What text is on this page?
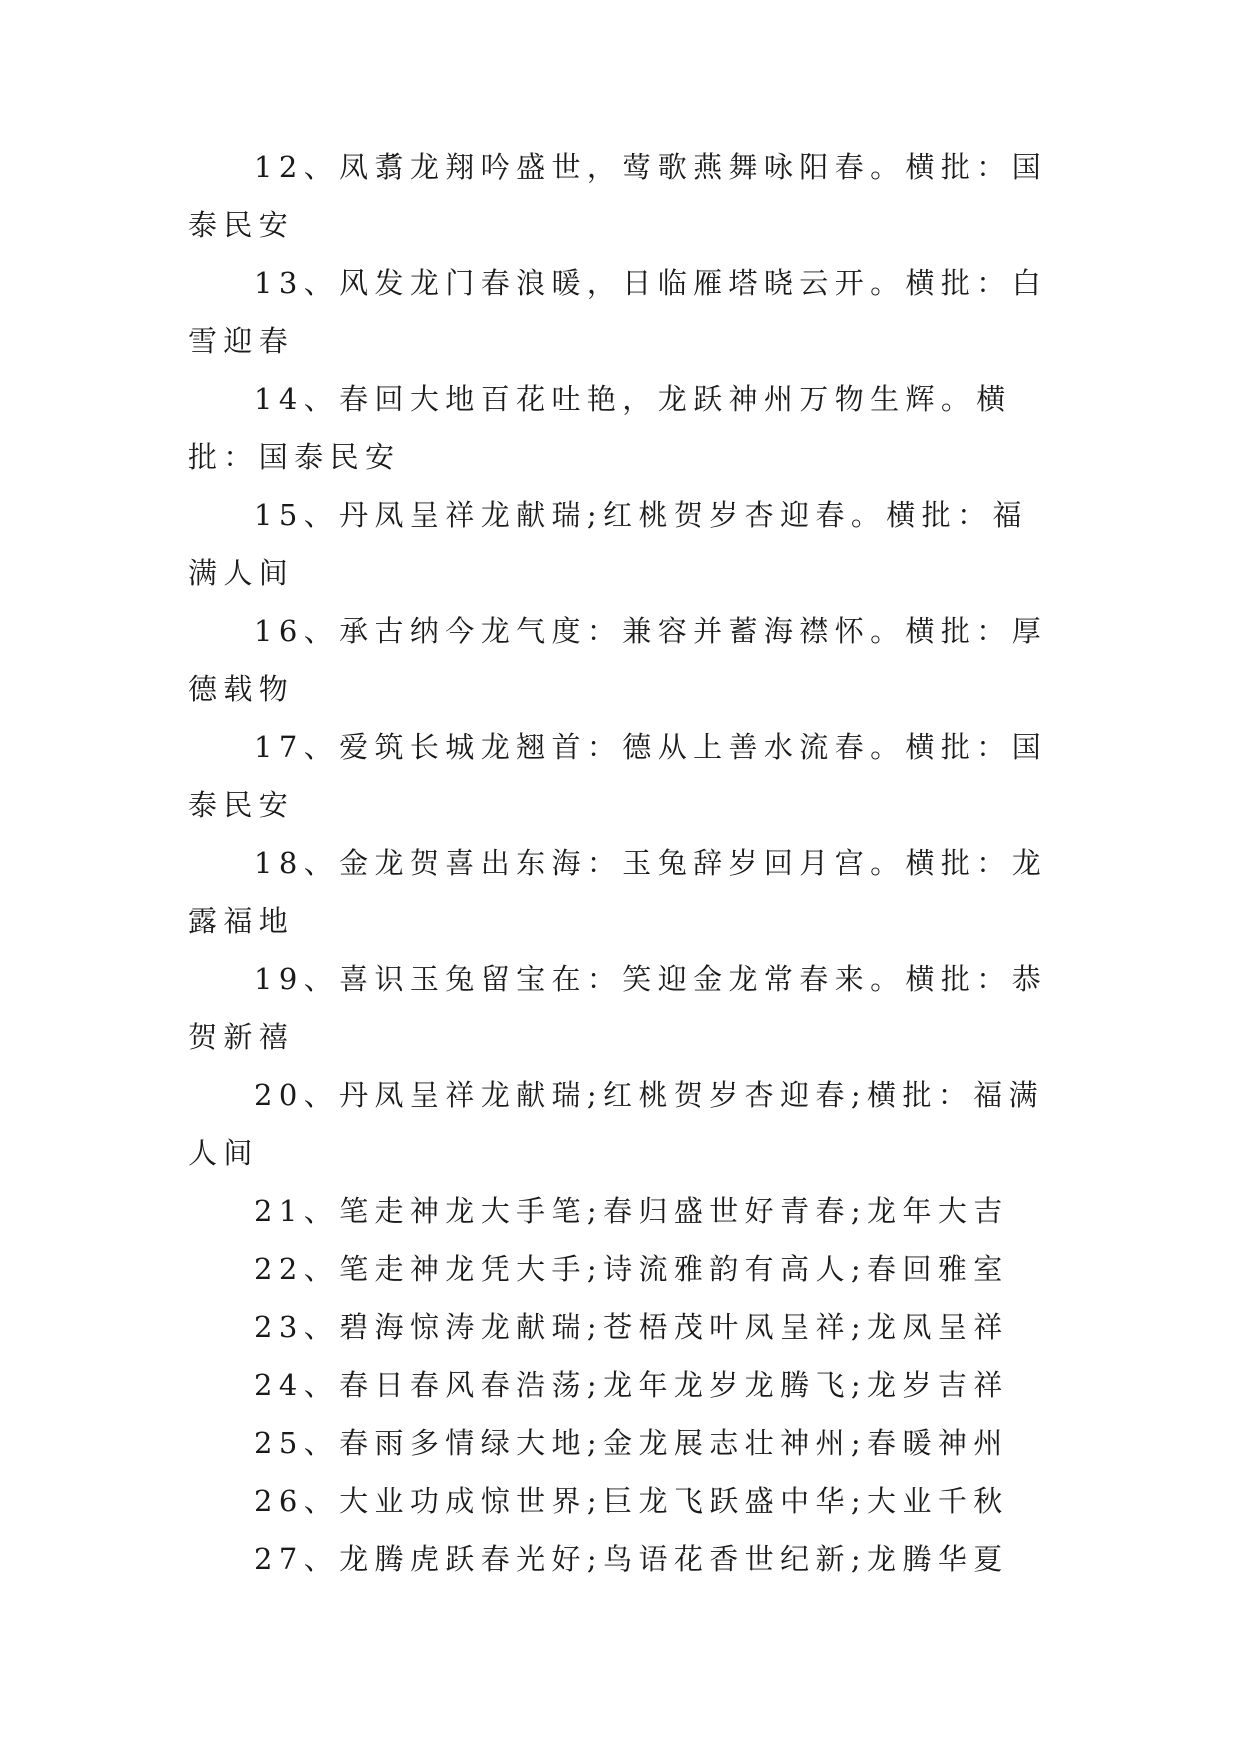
12、凤翥龙翔吟盛世，莺歌燕舞咏阳春。横批：国泰民安

13、风发龙门春浪暖，日临雁塔晓云开。横批：白雪迎春

14、春回大地百花吐艳，龙跃神州万物生辉。横批：国泰民安

15、丹凤呈祥龙献瑞;红桃贺岁杏迎春。横批：福满人间

16、承古纳今龙气度：兼容并蓄海襟怀。横批：厚德载物

17、爱筑长城龙翘首：德从上善水流春。横批：国泰民安

18、金龙贺喜出东海：玉兔辞岁回月宫。横批：龙露福地

19、喜识玉兔留宝在：笑迎金龙常春来。横批：恭贺新禧

20、丹凤呈祥龙献瑞;红桃贺岁杏迎春;横批：福满人间

21、笔走神龙大手笔;春归盛世好青春;龙年大吉

22、笔走神龙凭大手;诗流雅韵有高人;春回雅室

23、碧海惊涛龙献瑞;苍梧茂叶凤呈祥;龙凤呈祥

24、春日春风春浩荡;龙年龙岁龙腾飞;龙岁吉祥

25、春雨多情绿大地;金龙展志壮神州;春暖神州

26、大业功成惊世界;巨龙飞跃盛中华;大业千秋

27、龙腾虎跃春光好;鸟语花香世纪新;龙腾华夏
